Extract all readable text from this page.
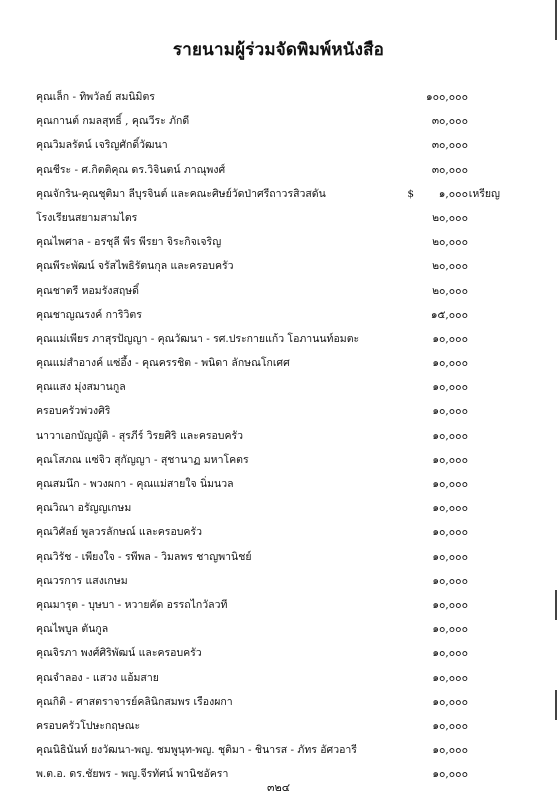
รายนามผู้ร่วมจัดพิมพ์หนังสือ
คุณเล็ก - ทิพวัลย์ สมนิมิตร	๑๐๐,๐๐๐
คุณกานต์ กมลสุทธิ์ , คุณวีระ ภักดี	๓๐,๐๐๐
คุณวิมลรัตน์ เจริญศักดิ์วัฒนา	๓๐,๐๐๐
คุณชีระ - ศ.กิตติคุณ ดร.วิจินตน์ ภาณุพงศ์	๓๐,๐๐๐
คุณจักริน-คุณชุติมา ลีบุรจินต์ และคณะศิษย์วัดป่าศรีถาวรสิวสดัน	$ ๑,๐๐๐ เหรียญ
โรงเรียนสยามสามไตร	๒๐,๐๐๐
คุณไพศาล - อรชุลี พีร พีรยา จิระกิจเจริญ	๒๐,๐๐๐
คุณพีระพัฒน์ จรัสไพธิรัตนกุล และครอบครัว	๒๐,๐๐๐
คุณชาตรี หอมรังสฤษดิ์	๒๐,๐๐๐
คุณชาญณรงค์ การิวิตร	๑๕,๐๐๐
คุณแม่เพียร ภาสุรปัญญา - คุณวัฒนา - รศ.ประกายแก้ว โอภานนท์อมตะ	๑๐,๐๐๐
คุณแม่สำอางค์ แซ่อึ้ง - คุณครรชิต - พนิดา ลักษณโกเศศ	๑๐,๐๐๐
คุณแสง มุ่งสมานกูล	๑๐,๐๐๐
ครอบครัวพ่วงศิริ	๑๐,๐๐๐
นาวาเอกบัญญัติ - สุรภีร์ วิรยศิริ และครอบครัว	๑๐,๐๐๐
คุณโสภณ แซ่จิว สุกัญญา - สุชานาฏ มหาโคตร	๑๐,๐๐๐
คุณสมนึก - พวงผกา - คุณแม่สายใจ นิ่มนวล	๑๐,๐๐๐
คุณวิณา อรัญญเกษม	๑๐,๐๐๐
คุณวิศัลย์ พูลวรลักษณ์ และครอบครัว	๑๐,๐๐๐
คุณวิรัช - เพียงใจ - รพีพล - วิมลพร ชาญพานิชย์	๑๐,๐๐๐
คุณวรการ แสงเกษม	๑๐,๐๐๐
คุณมารุต - บุษบา - หวายคัด อรรถไกวัลวที	๑๐,๐๐๐
คุณไพบูล ตันกูล	๑๐,๐๐๐
คุณจิรภา พงศ์ศิริพัฒน์ และครอบครัว	๑๐,๐๐๐
คุณจำลอง - แสวง แอ้มสาย	๑๐,๐๐๐
คุณกิติ - ศาสตราจารย์คลินิกสมพร เรืองผกา	๑๐,๐๐๐
ครอบครัวโปษะกฤษณะ	๑๐,๐๐๐
คุณนิธินันท์ ยงวัฒนา-พญ. ชมพูนุท-พญ. ชุติมา - ชินารส - ภัทร อัศวอารี	๑๐,๐๐๐
พ.ต.อ. ดร.ชัยพร - พญ.จีรทัศน์ พานิชอัครา	๑๐,๐๐๐
๓๒๔
